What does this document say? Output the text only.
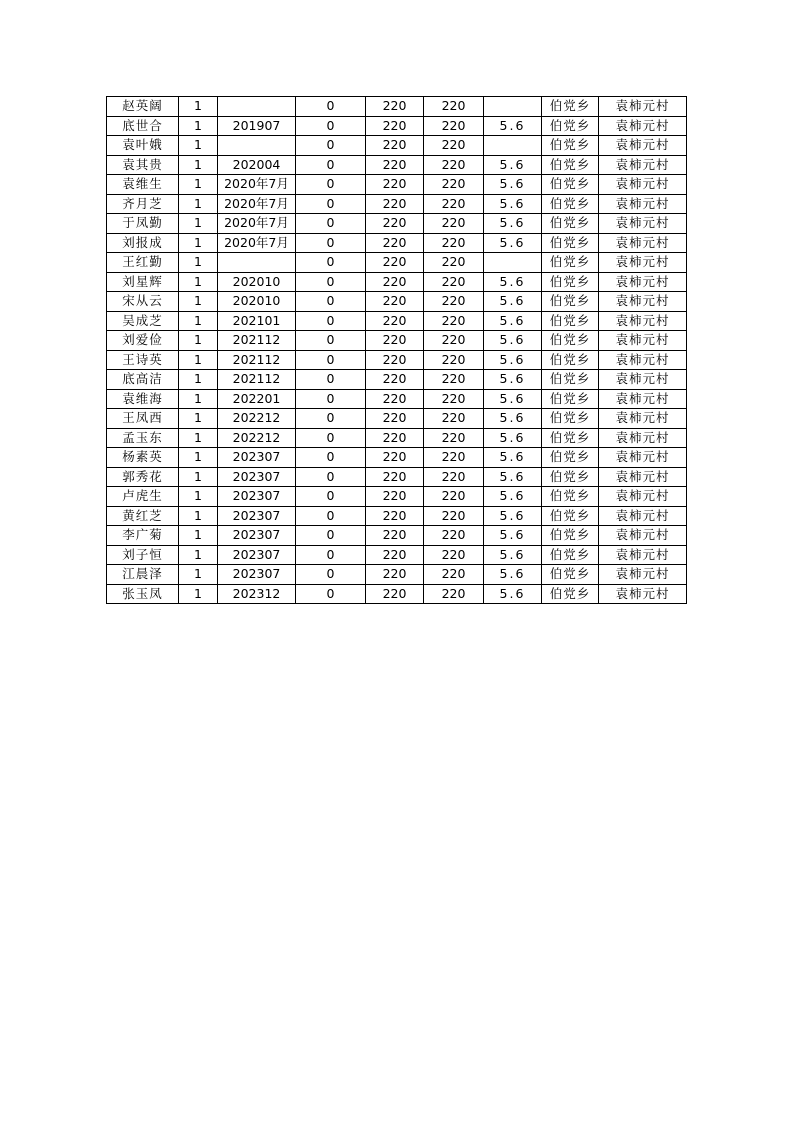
赵英阔	1		0	220	220		伯党乡	袁柿元村
底世合	1	201907	0	220	220	5.6	伯党乡	袁柿元村
袁叶娥	1		0	220	220		伯党乡	袁柿元村
袁其贵	1	202004	0	220	220	5.6	伯党乡	袁柿元村
袁维生	1	2020年7月	0	220	220	5.6	伯党乡	袁柿元村
齐月芝	1	2020年7月	0	220	220	5.6	伯党乡	袁柿元村
于凤勤	1	2020年7月	0	220	220	5.6	伯党乡	袁柿元村
刘报成	1	2020年7月	0	220	220	5.6	伯党乡	袁柿元村
王红勤	1		0	220	220		伯党乡	袁柿元村
刘星辉	1	202010	0	220	220	5.6	伯党乡	袁柿元村
宋从云	1	202010	0	220	220	5.6	伯党乡	袁柿元村
吴成芝	1	202101	0	220	220	5.6	伯党乡	袁柿元村
刘爱俭	1	202112	0	220	220	5.6	伯党乡	袁柿元村
王诗英	1	202112	0	220	220	5.6	伯党乡	袁柿元村
底高洁	1	202112	0	220	220	5.6	伯党乡	袁柿元村
袁维海	1	202201	0	220	220	5.6	伯党乡	袁柿元村
王凤西	1	202212	0	220	220	5.6	伯党乡	袁柿元村
孟玉东	1	202212	0	220	220	5.6	伯党乡	袁柿元村
杨素英	1	202307	0	220	220	5.6	伯党乡	袁柿元村
郭秀花	1	202307	0	220	220	5.6	伯党乡	袁柿元村
卢虎生	1	202307	0	220	220	5.6	伯党乡	袁柿元村
黄红芝	1	202307	0	220	220	5.6	伯党乡	袁柿元村
李广菊	1	202307	0	220	220	5.6	伯党乡	袁柿元村
刘子恒	1	202307	0	220	220	5.6	伯党乡	袁柿元村
江晨泽	1	202307	0	220	220	5.6	伯党乡	袁柿元村
张玉凤	1	202312	0	220	220	5.6	伯党乡	袁柿元村
